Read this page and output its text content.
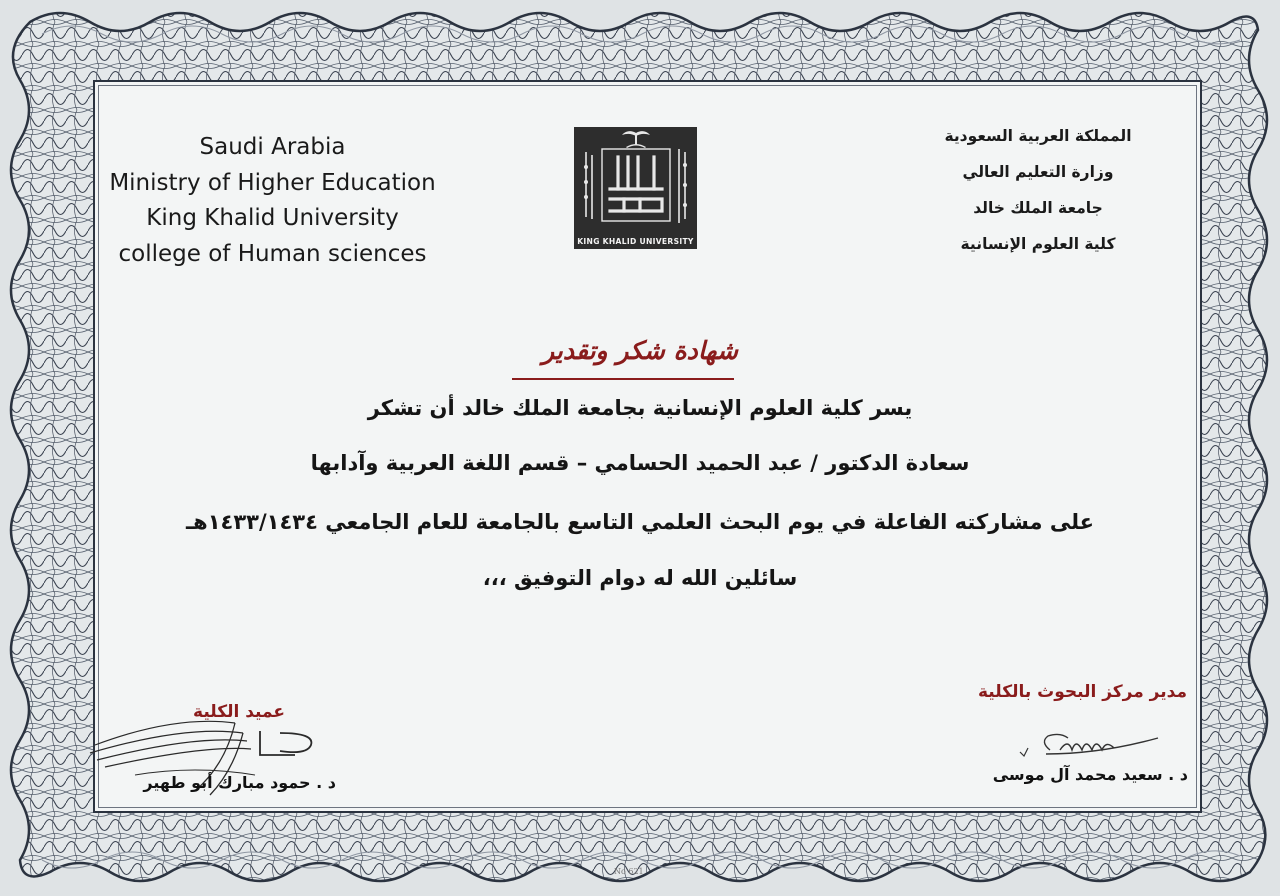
Saudi Arabia
Ministry of Higher Education
King Khalid University
college of Human sciences	KING KHALID UNIVERSITY
المملكة العربية السعودية
وزارة التعليم العالي
جامعة الملك خالد
كلية العلوم الإنسانية
شهادة شكر وتقدير
يسر كلية العلوم الإنسانية بجامعة الملك خالد أن تشكر
سعادة الدكتور / عبد الحميد الحسامي – قسم اللغة العربية وآدابها
على مشاركته الفاعلة في يوم البحث العلمي التاسع بالجامعة للعام الجامعي ١٤٣٣/١٤٣٤هـ
سائلين الله له دوام التوفيق ،،،
مدير مركز البحوث بالكلية
د . سعيد محمد آل موسى
عميد الكلية
د . حمود مبارك أبو طهير
No 621
